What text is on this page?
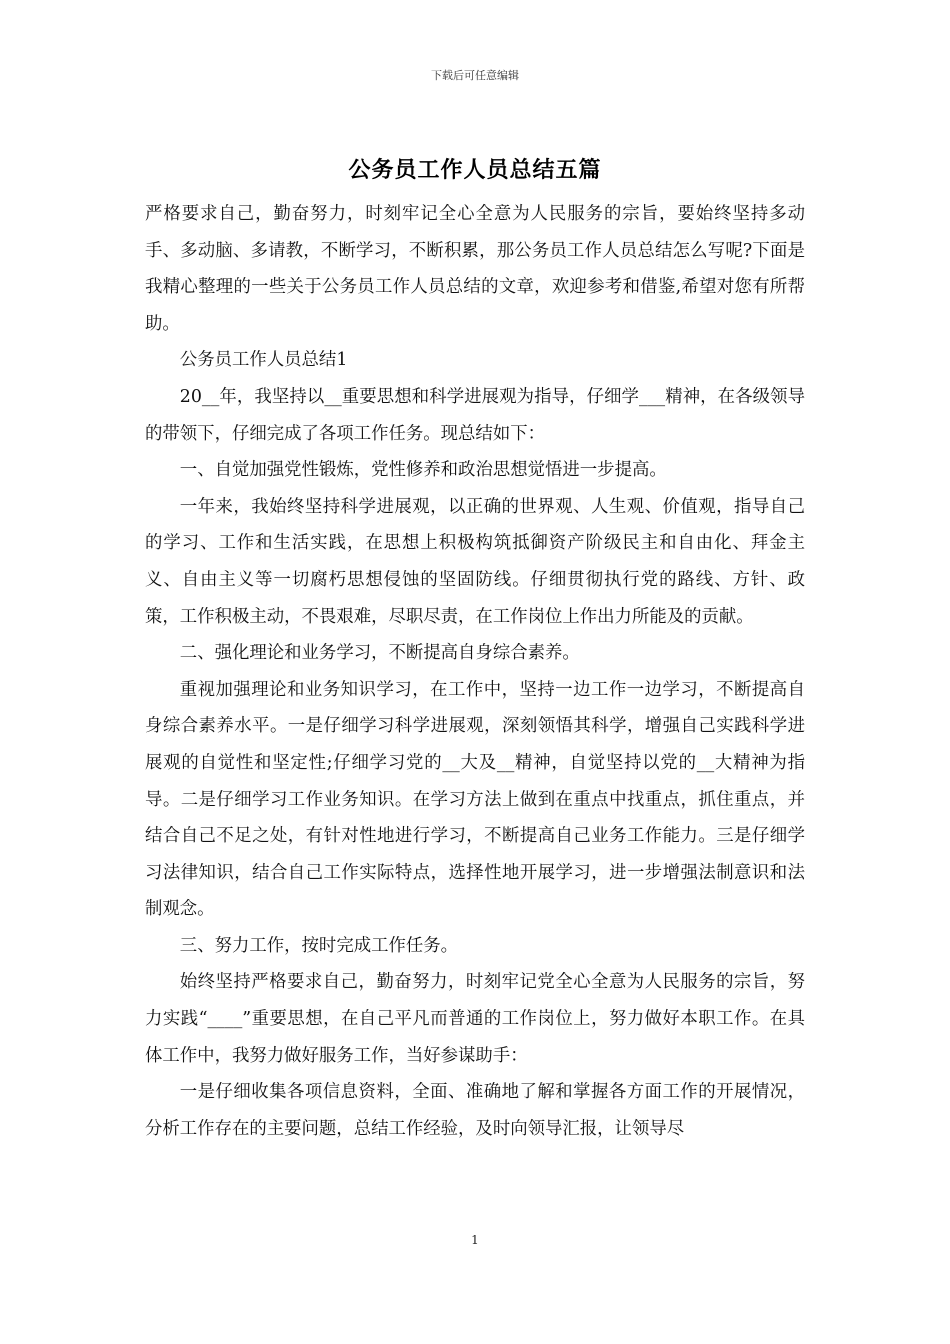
下载后可任意编辑
公务员工作人员总结五篇

严格要求自己，勤奋努力，时刻牢记全心全意为人民服务的宗旨，要始终坚持多动手、多动脑、多请教，不断学习，不断积累，那公务员工作人员总结怎么写呢?下面是我精心整理的一些关于公务员工作人员总结的文章，欢迎参考和借鉴,希望对您有所帮助。

公务员工作人员总结1

20__年，我坚持以__重要思想和科学进展观为指导，仔细学___精神，在各级领导的带领下，仔细完成了各项工作任务。现总结如下：

一、自觉加强党性锻炼，党性修养和政治思想觉悟进一步提高。

一年来，我始终坚持科学进展观，以正确的世界观、人生观、价值观，指导自己的学习、工作和生活实践，在思想上积极构筑抵御资产阶级民主和自由化、拜金主义、自由主义等一切腐朽思想侵蚀的坚固防线。仔细贯彻执行党的路线、方针、政策，工作积极主动，不畏艰难，尽职尽责，在工作岗位上作出力所能及的贡献。

二、强化理论和业务学习，不断提高自身综合素养。

重视加强理论和业务知识学习，在工作中，坚持一边工作一边学习，不断提高自身综合素养水平。一是仔细学习科学进展观，深刻领悟其科学，增强自己实践科学进展观的自觉性和坚定性;仔细学习党的__大及__精神，自觉坚持以党的__大精神为指导。二是仔细学习工作业务知识。在学习方法上做到在重点中找重点，抓住重点，并结合自己不足之处，有针对性地进行学习，不断提高自己业务工作能力。三是仔细学习法律知识，结合自己工作实际特点，选择性地开展学习，进一步增强法制意识和法制观念。

三、努力工作，按时完成工作任务。

始终坚持严格要求自己，勤奋努力，时刻牢记党全心全意为人民服务的宗旨，努力实践“____”重要思想，在自己平凡而普通的工作岗位上，努力做好本职工作。在具体工作中，我努力做好服务工作，当好参谋助手：

一是仔细收集各项信息资料，全面、准确地了解和掌握各方面工作的开展情况，分析工作存在的主要问题，总结工作经验，及时向领导汇报，让领导尽

1
